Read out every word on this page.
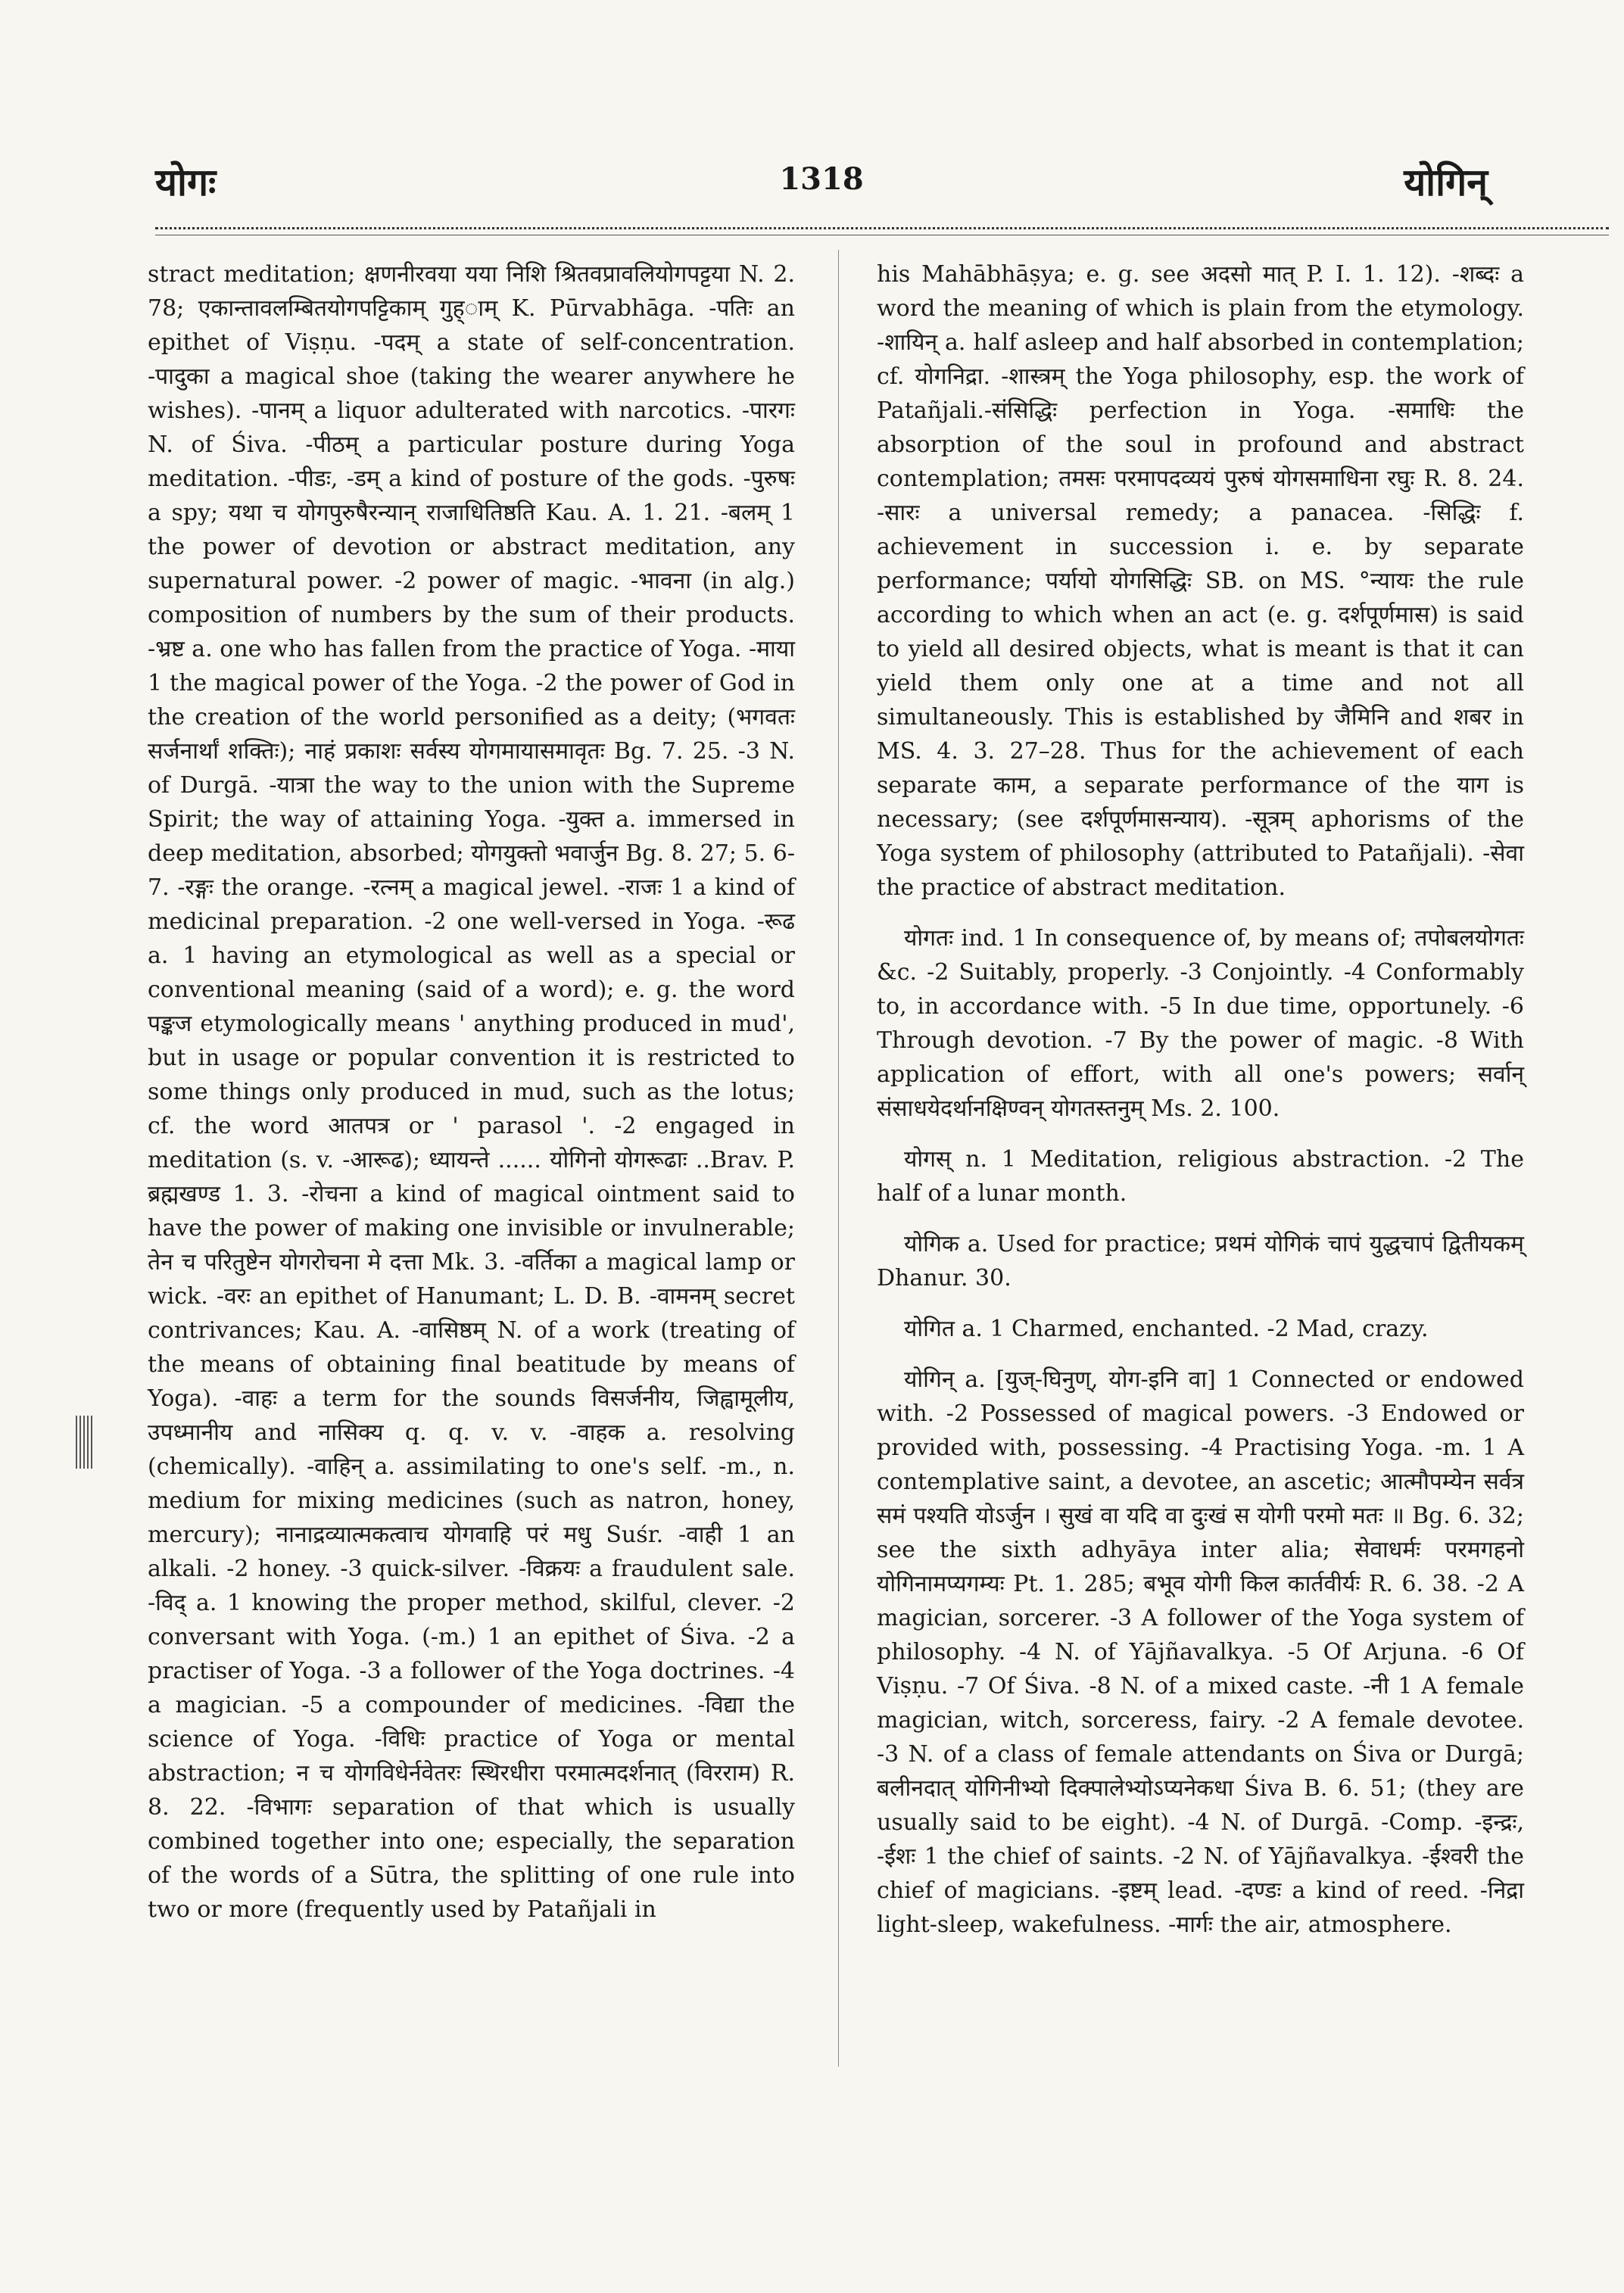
योगः	1318	योगिन्

stract meditation; क्षणनीरवया यया निशि श्रितवप्रावलियोगपट्टया N. 2. 78; एकान्तावलम्बितयोगपट्टिकाम् गुह्ाम् K. Pūrvabhāga. -पतिः an epithet of Viṣṇu. -पदम् a state of self-concentration. -पादुका a magical shoe (taking the wearer anywhere he wishes). -पानम् a liquor adulterated with narcotics. -पारगः N. of Śiva. -पीठम् a particular posture during Yoga meditation. -पीडः, -डम् a kind of posture of the gods. -पुरुषः a spy; यथा च योगपुरुषैरन्यान् राजाधितिष्ठति Kau. A. 1. 21. -बलम् 1 the power of devotion or abstract meditation, any supernatural power. -2 power of magic. -भावना (in alg.) composition of numbers by the sum of their products. -भ्रष्ट a. one who has fallen from the practice of Yoga. -माया 1 the magical power of the Yoga. -2 the power of God in the creation of the world personified as a deity; (भगवतः सर्जनार्थां शक्तिः); नाहं प्रकाशः सर्वस्य योगमायासमावृतः Bg. 7. 25. -3 N. of Durgā. -यात्रा the way to the union with the Supreme Spirit; the way of attaining Yoga. -युक्त a. immersed in deep meditation, absorbed; योगयुक्तो भवार्जुन Bg. 8. 27; 5. 6-7. -रङ्गः the orange. -रत्नम् a magical jewel. -राजः 1 a kind of medicinal preparation. -2 one well-versed in Yoga. -रूढ a. 1 having an etymological as well as a special or conventional meaning (said of a word); e. g. the word पङ्कज etymologically means ' anything produced in mud', but in usage or popular convention it is restricted to some things only produced in mud, such as the lotus; cf. the word आतपत्र or ' parasol '. -2 engaged in meditation (s. v. -आरूढ); ध्यायन्ते ...... योगिनो योगरूढाः ..Brav. P. ब्रह्मखण्ड 1. 3. -रोचना a kind of magical ointment said to have the power of making one invisible or invulnerable; तेन च परितुष्टेन योगरोचना मे दत्ता Mk. 3. -वर्तिका a magical lamp or wick. -वरः an epithet of Hanumant; L. D. B. -वामनम् secret contrivances; Kau. A. -वासिष्ठम् N. of a work (treating of the means of obtaining final beatitude by means of Yoga). -वाहः a term for the sounds विसर्जनीय, जिह्वामूलीय, उपध्मानीय and नासिक्य q. q. v. v. -वाहक a. resolving (chemically). -वाहिन् a. assimilating to one's self. -m., n. medium for mixing medicines (such as natron, honey, mercury); नानाद्रव्यात्मकत्वाच योगवाहि परं मधु Suśr. -वाही 1 an alkali. -2 honey. -3 quick-silver. -विक्रयः a fraudulent sale. -विद् a. 1 knowing the proper method, skilful, clever. -2 conversant with Yoga. (-m.) 1 an epithet of Śiva. -2 a practiser of Yoga. -3 a follower of the Yoga doctrines. -4 a magician. -5 a compounder of medicines. -विद्या the science of Yoga. -विधिः practice of Yoga or mental abstraction; न च योगविधेर्नवेतरः स्थिरधीरा परमात्मदर्शनात् (विरराम) R. 8. 22. -विभागः separation of that which is usually combined together into one; especially, the separation of the words of a Sūtra, the splitting of one rule into two or more (frequently used by Patañjali in

his Mahābhāṣya; e. g. see अदसो मात् P. I. 1. 12). -शब्दः a word the meaning of which is plain from the etymology. -शायिन् a. half asleep and half absorbed in contemplation; cf. योगनिद्रा. -शास्त्रम् the Yoga philosophy, esp. the work of Patañjali.-संसिद्धिः perfection in Yoga. -समाधिः the absorption of the soul in profound and abstract contemplation; तमसः परमापदव्ययं पुरुषं योगसमाधिना रघुः R. 8. 24. -सारः a universal remedy; a panacea. -सिद्धिः f. achievement in succession i. e. by separate performance; पर्यायो योगसिद्धिः SB. on MS. °न्यायः the rule according to which when an act (e. g. दर्शपूर्णमास) is said to yield all desired objects, what is meant is that it can yield them only one at a time and not all simultaneously. This is established by जैमिनि and शबर in MS. 4. 3. 27–28. Thus for the achievement of each separate काम, a separate performance of the याग is necessary; (see दर्शपूर्णमासन्याय). -सूत्रम् aphorisms of the Yoga system of philosophy (attributed to Patañjali). -सेवा the practice of abstract meditation.

योगतः ind. 1 In consequence of, by means of; तपोबलयोगतः &c. -2 Suitably, properly. -3 Conjointly. -4 Conformably to, in accordance with. -5 In due time, opportunely. -6 Through devotion. -7 By the power of magic. -8 With application of effort, with all one's powers; सर्वान् संसाधयेदर्थानक्षिण्वन् योगतस्तनुम् Ms. 2. 100.

योगस् n. 1 Meditation, religious abstraction. -2 The half of a lunar month.

योगिक a. Used for practice; प्रथमं योगिकं चापं युद्धचापं द्वितीयकम् Dhanur. 30.

योगित a. 1 Charmed, enchanted. -2 Mad, crazy.

योगिन् a. [युज्-घिनुण्, योग-इनि वा] 1 Connected or endowed with. -2 Possessed of magical powers. -3 Endowed or provided with, possessing. -4 Practising Yoga. -m. 1 A contemplative saint, a devotee, an ascetic; आत्मौपम्येन सर्वत्र समं पश्यति योऽर्जुन । सुखं वा यदि वा दुःखं स योगी परमो मतः ॥ Bg. 6. 32; see the sixth adhyāya inter alia; सेवाधर्मः परमगहनो योगिनामप्यगम्यः Pt. 1. 285; बभूव योगी किल कार्तवीर्यः R. 6. 38. -2 A magician, sorcerer. -3 A follower of the Yoga system of philosophy. -4 N. of Yājñavalkya. -5 Of Arjuna. -6 Of Viṣṇu. -7 Of Śiva. -8 N. of a mixed caste. -नी 1 A female magician, witch, sorceress, fairy. -2 A female devotee. -3 N. of a class of female attendants on Śiva or Durgā; बलीनदात् योगिनीभ्यो दिक्पालेभ्योऽप्यनेकधा Śiva B. 6. 51; (they are usually said to be eight). -4 N. of Durgā. -Comp. -इन्द्रः, -ईशः 1 the chief of saints. -2 N. of Yājñavalkya. -ईश्वरी the chief of magicians. -इष्टम् lead. -दण्डः a kind of reed. -निद्रा light-sleep, wakefulness. -मार्गः the air, atmosphere.
